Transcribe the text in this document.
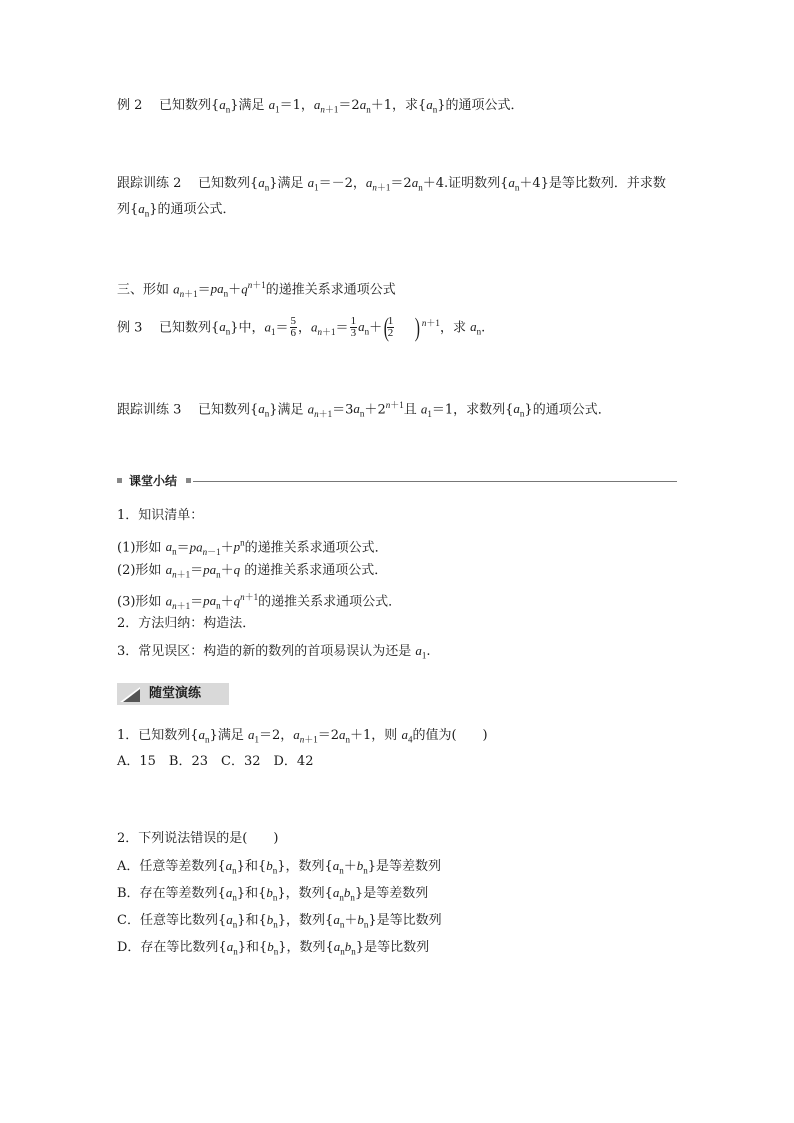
例 2 已知数列$\{a_n\}$满足 $a_1=1$，$a_{n+1}=2a_n+1$，求$\{a_n\}$的通项公式．
跟踪训练 2 已知数列$\{a_n\}$满足 $a_1=-2$，$a_{n+1}=2a_n+4$.证明数列$\{a_n+4\}$是等比数列．并求数
列$\{a_n\}$的通项公式．
三、形如 $a_{n+1}=pa_n+q^{n+1}$的递推关系求通项公式
例 3 已知数列$\{a_n\}$中，$a_1= \frac{5}{6}$ ，$a_{n+1}= \frac{1}{3} a_n+$(
$\frac{1}{2}$ ) $^{n+1}$，求 $a_n$.
跟踪训练 3 已知数列$\{a_n\}$满足 $a_{n+1}=3a_n+2^{n+1}$且 $a_1=1$，求数列$\{a_n\}$的通项公式．
课堂小结
1．知识清单：
(1)形如 $a_n=pa_{n-1}+p^n$的递推关系求通项公式．
(2)形如 $a_{n+1}=pa_n+q$ 的递推关系求通项公式．
(3)形如 $a_{n+1}=pa_n+q^{n+1}$的递推关系求通项公式．
2．方法归纳：构造法．
3．常见误区：构造的新的数列的首项易误认为还是 $a_1$.
随堂演练
1．已知数列$\{a_n\}$满足 $a_1=2$，$a_{n+1}=2a_n+1$，则 $a_4$的值为(　　)
A．15　B．23　C．32　D．42
2．下列说法错误的是(　　)
A．任意等差数列$\{a_n\}$和$\{b_n\}$，数列$\{a_n+b_n\}$是等差数列
B．存在等差数列$\{a_n\}$和$\{b_n\}$，数列$\{a_nb_n\}$是等差数列
C．任意等比数列$\{a_n\}$和$\{b_n\}$，数列$\{a_n+b_n\}$是等比数列
D．存在等比数列$\{a_n\}$和$\{b_n\}$，数列$\{a_nb_n\}$是等比数列
